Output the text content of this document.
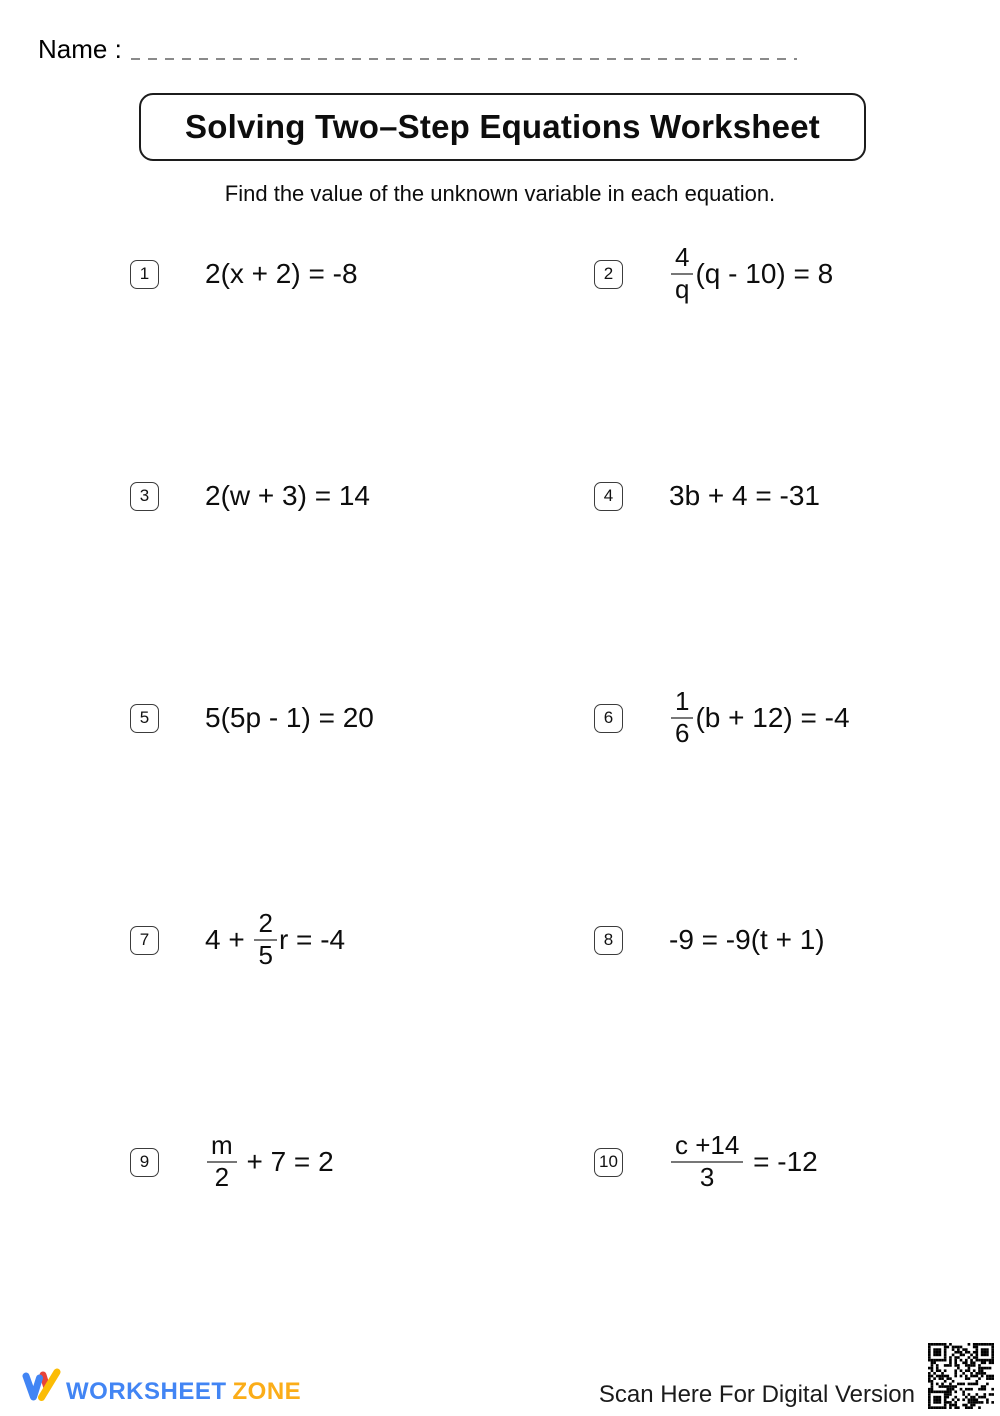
Name :
Solving Two–Step Equations Worksheet
Find the value of the unknown variable in each equation.
1	2(x + 2) = -8	2	$\frac{4}{q} (q - 10) = 8$
3	2(w + 3) = 14	4	3b + 4 = -31
5	5(5p - 1) = 20	6	$\frac{1}{6} (b + 12) = -4$
7	$4 + \frac{2}{5}$ r = -4	8	-9 = -9(t + 1)
9	$\frac{m}{2} + 7 = 2$	$10 \frac{c +14}{3} = -12$
WORKSHEET ZONE	Scan Here For Digital Version
